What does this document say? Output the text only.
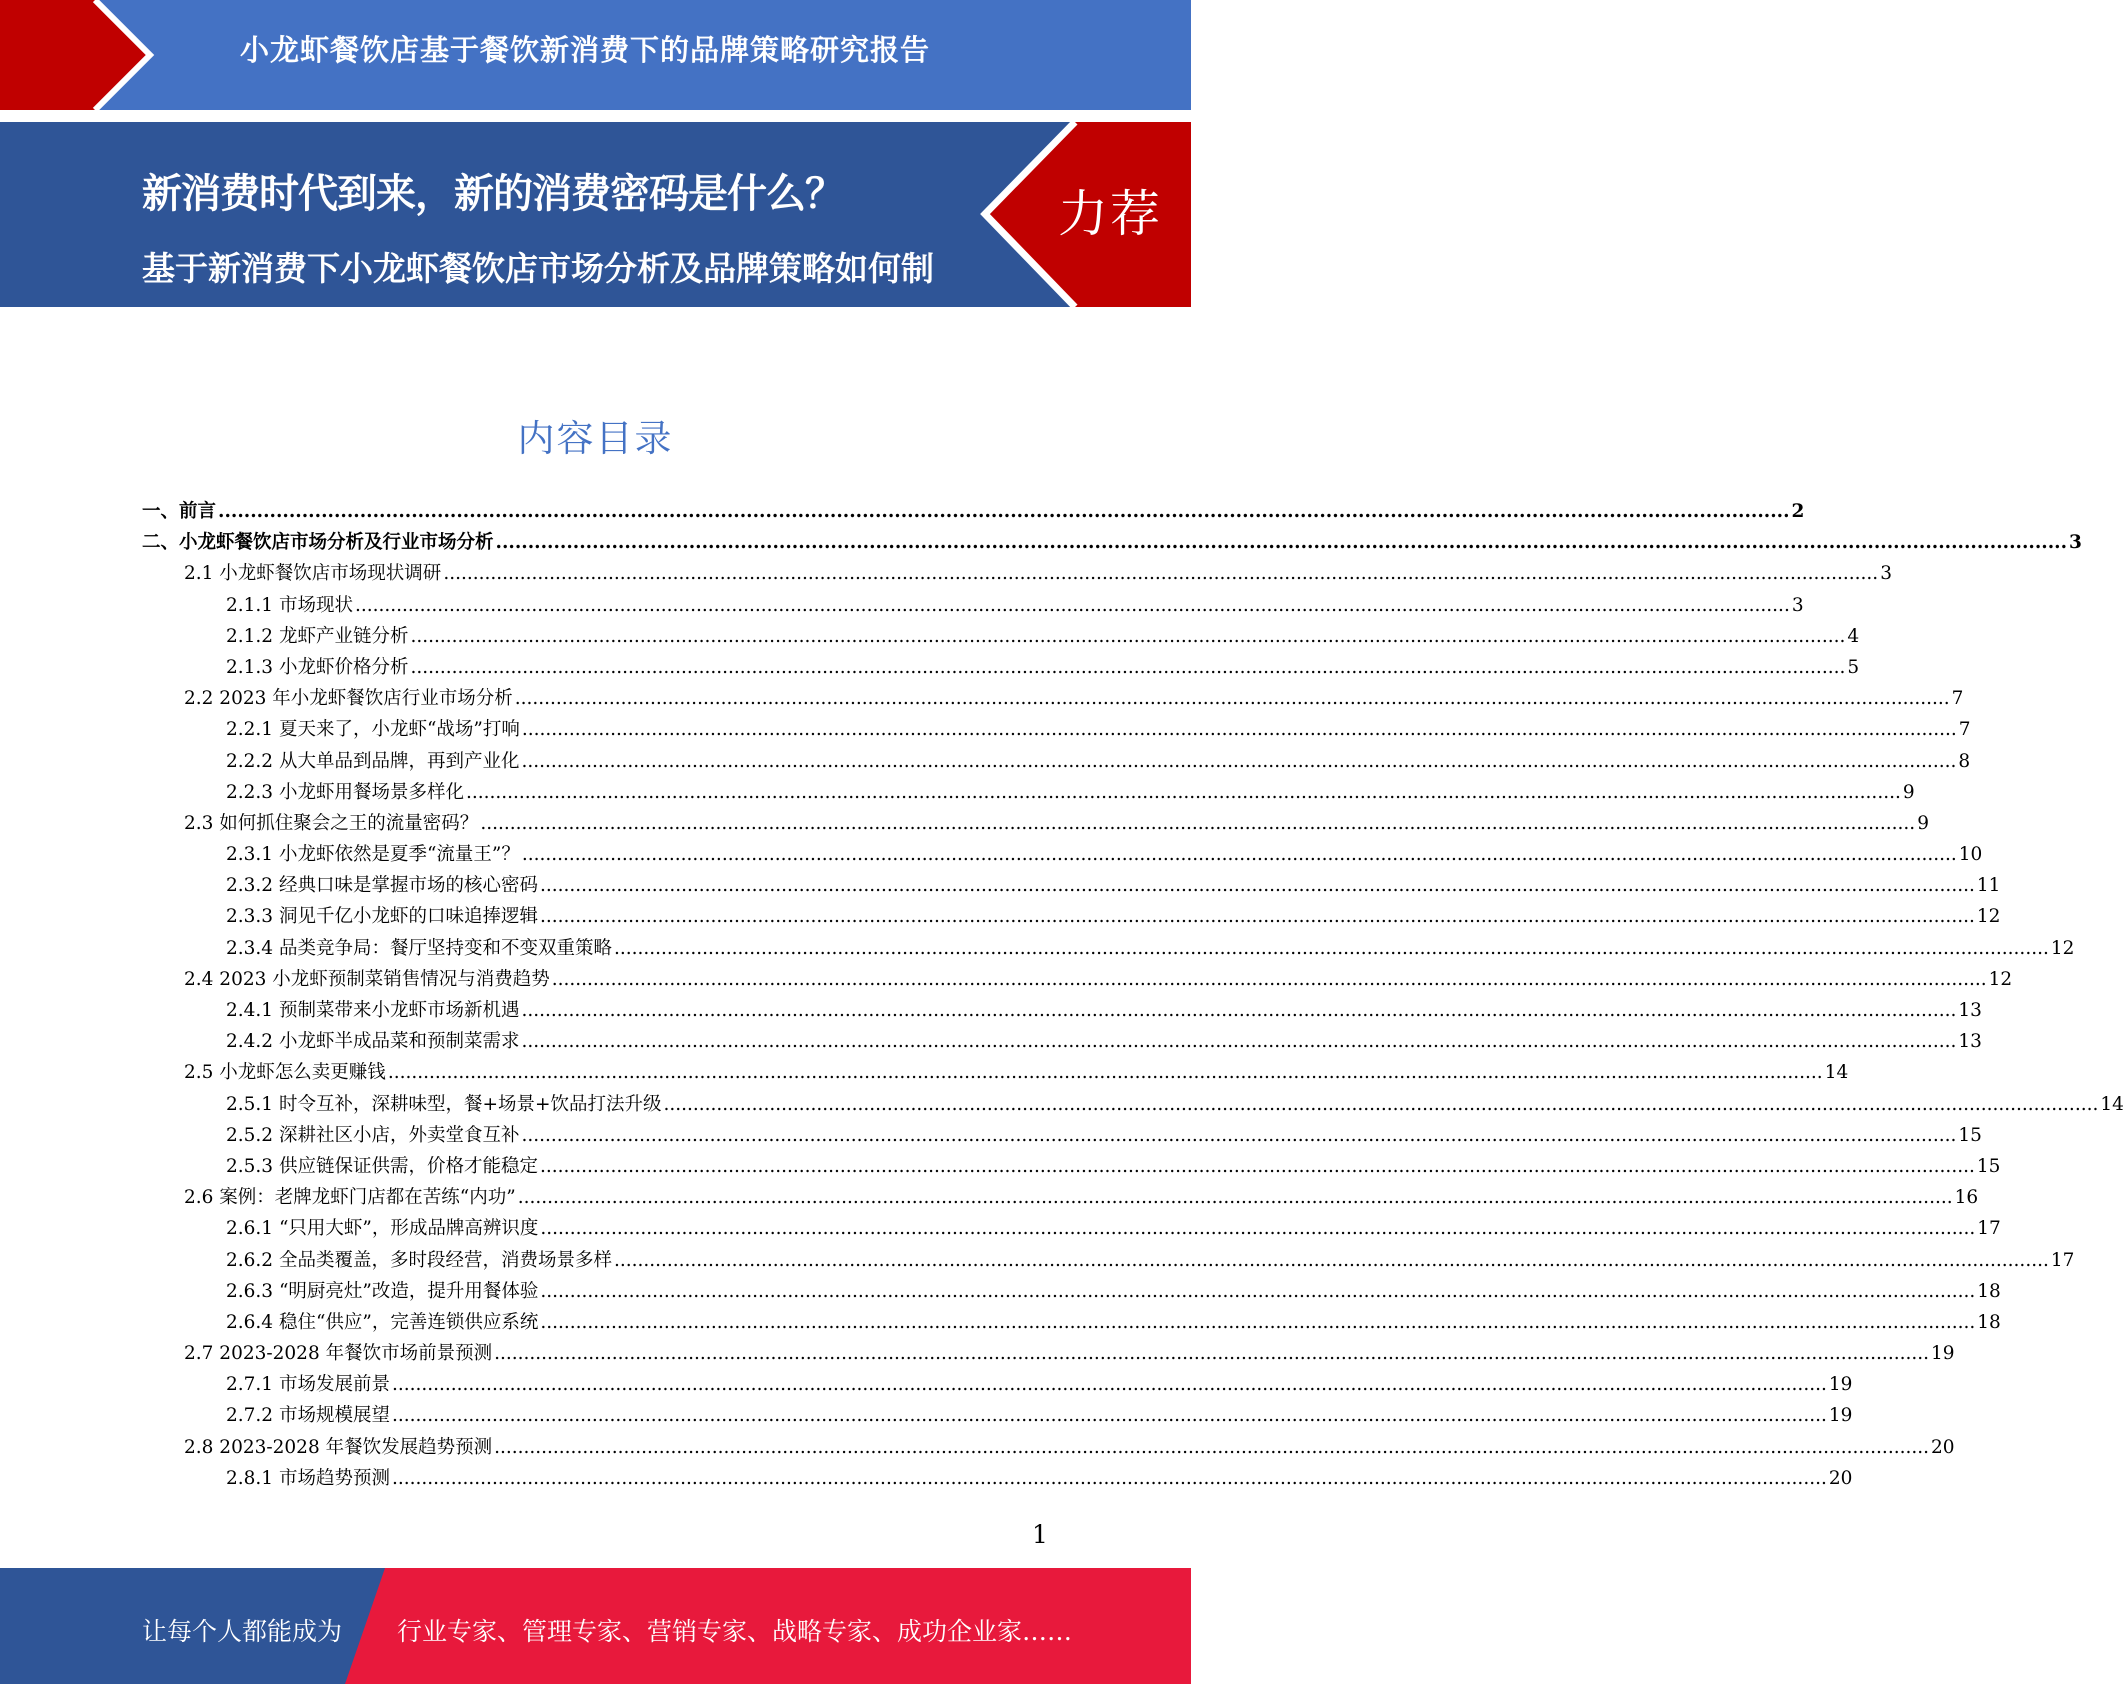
小龙虾餐饮店基于餐饮新消费下的品牌策略研究报告
新消费时代到来，新的消费密码是什么？
基于新消费下小龙虾餐饮店市场分析及品牌策略如何制定？？？
力荐
内容目录
一、前言 .....	2
二、小龙虾餐饮店市场分析及行业市场分析 .....	3
2.1 小龙虾餐饮店市场现状调研 .....	3
2.1.1 市场现状 .....	3
2.1.2 龙虾产业链分析 .....	4
2.1.3 小龙虾价格分析 .....	5
2.2 2023 年小龙虾餐饮店行业市场分析 .....	7
2.2.1 夏天来了，小龙虾“战场”打响 .....	7
2.2.2 从大单品到品牌，再到产业化 .....	8
2.2.3 小龙虾用餐场景多样化 .....	9
2.3 如何抓住聚会之王的流量密码？ .....	9
2.3.1 小龙虾依然是夏季“流量王”？ .....	10
2.3.2 经典口味是掌握市场的核心密码 .....	11
2.3.3 洞见千亿小龙虾的口味追捧逻辑 .....	12
2.3.4 品类竞争局：餐厅坚持变和不变双重策略 .....	12
2.4 2023 小龙虾预制菜销售情况与消费趋势 .....	12
2.4.1 预制菜带来小龙虾市场新机遇 .....	13
2.4.2 小龙虾半成品菜和预制菜需求 .....	13
2.5 小龙虾怎么卖更赚钱 .....	14
2.5.1 时令互补，深耕味型，餐+场景+饮品打法升级 .....	14
2.5.2 深耕社区小店，外卖堂食互补 .....	15
2.5.3 供应链保证供需，价格才能稳定 .....	15
2.6 案例：老牌龙虾门店都在苦练“内功” .....	16
2.6.1 “只用大虾”，形成品牌高辨识度 .....	17
2.6.2 全品类覆盖，多时段经营，消费场景多样 .....	17
2.6.3 “明厨亮灶”改造，提升用餐体验 .....	18
2.6.4 稳住“供应”，完善连锁供应系统 .....	18
2.7 2023-2028 年餐饮市场前景预测 .....	19
2.7.1 市场发展前景 .....	19
2.7.2 市场规模展望 .....	19
2.8 2023-2028 年餐饮发展趋势预测 .....	20
2.8.1 市场趋势预测 .....	20
1
让每个人都能成为 行业专家、管理专家、营销专家、战略专家、成功企业家……
